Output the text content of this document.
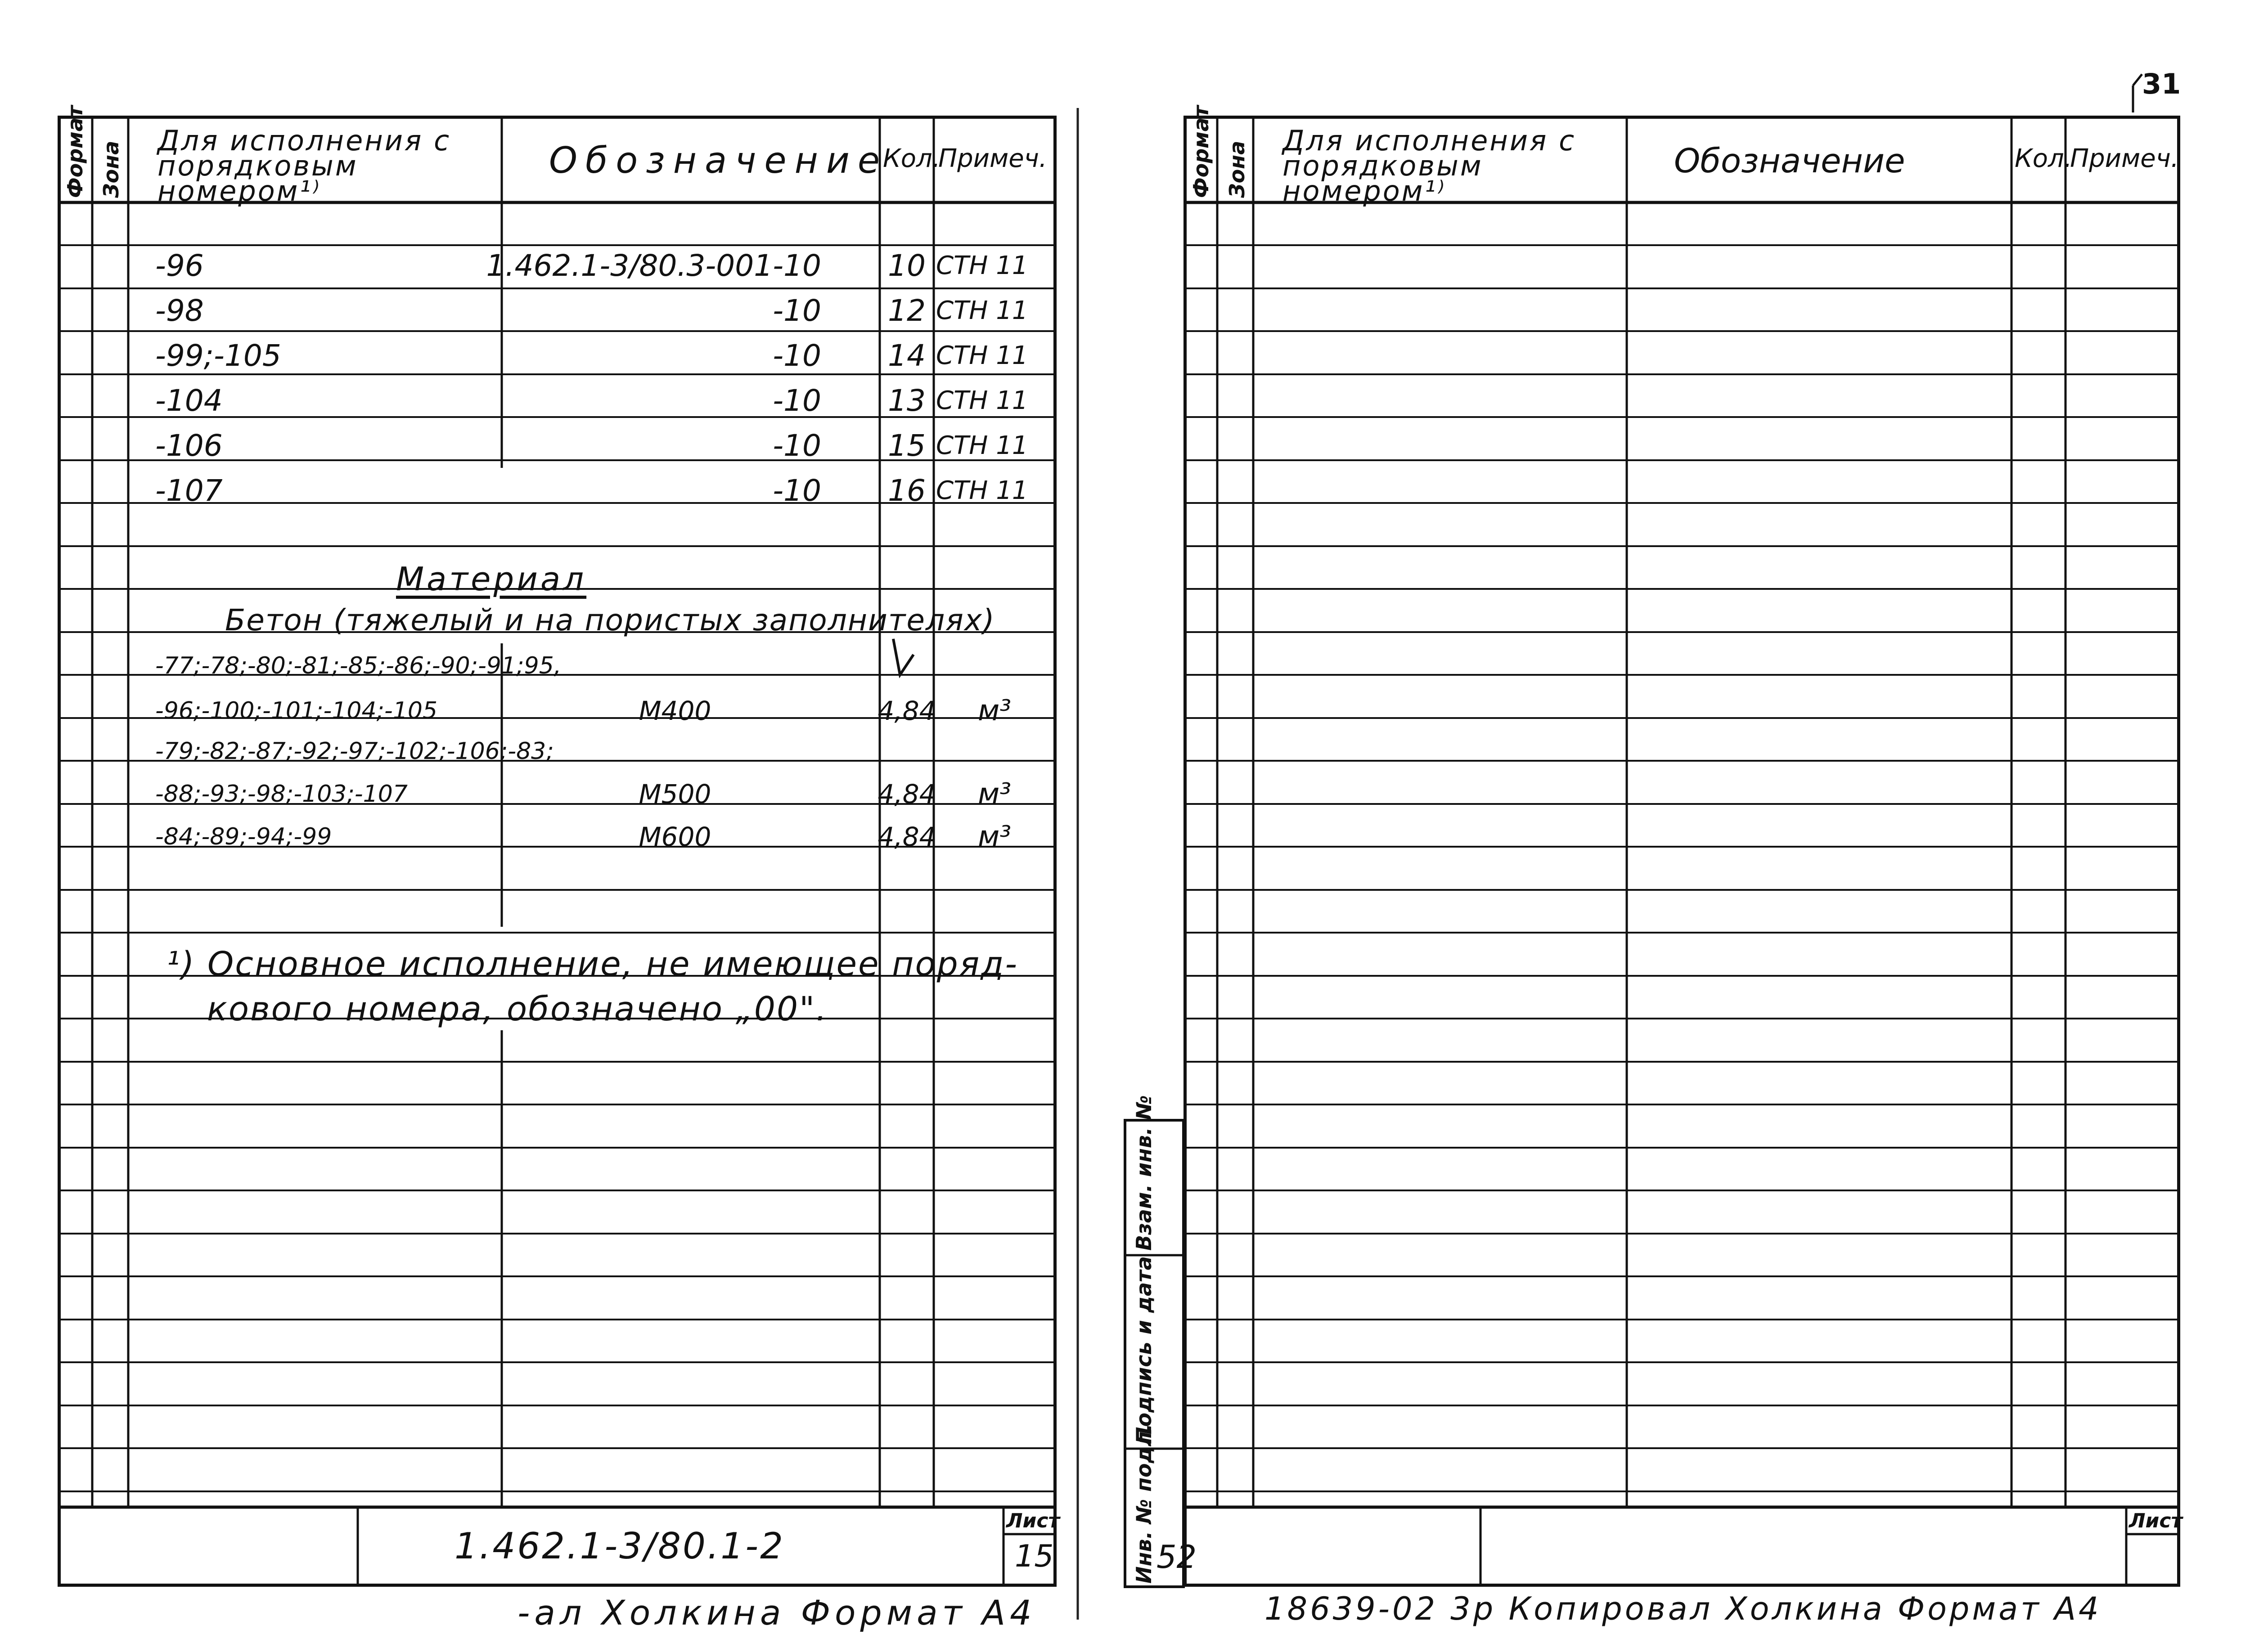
Формат Зона
Для исполнения с порядковым номером¹⁾
Обозначение
Кол.
Примеч.
-96	1.462.1-3/80.3-001-10 10 СТН 11
-98	-10 12 СТН 11
-99;-105	-10 14 СТН 11
-104	-10 13 СТН 11
-106	-10 15 СТН 11
-107	-10 16 СТН 11
Материал
Бетон (тяжелый и на пористых заполнителях)
-77;-78;-80;-81;-85;-86;-90;-91;95,
-96;-100;-101;-104;-105	М400	4,84	м³
-79;-82;-87;-92;-97;-102;-106;-83;
-88;-93;-98;-103;-107	М500	4,84	м³
-84;-89;-94;-99	М600	4,84	м³
¹) Основное исполнение, не имеющее поряд-
кового номера, обозначено „00".
1.462.1-3/80.1-2
Лист
15
-ал Холкина Формат А4
31
Формат Зона
Для исполнения с порядковым номером¹⁾
Обозначение	Кол.
Примеч.
Взам. инв. №
Подпись и дата
Инв. № подл. 52
Лист
18639-02 3р Копировал Холкина Формат А4
